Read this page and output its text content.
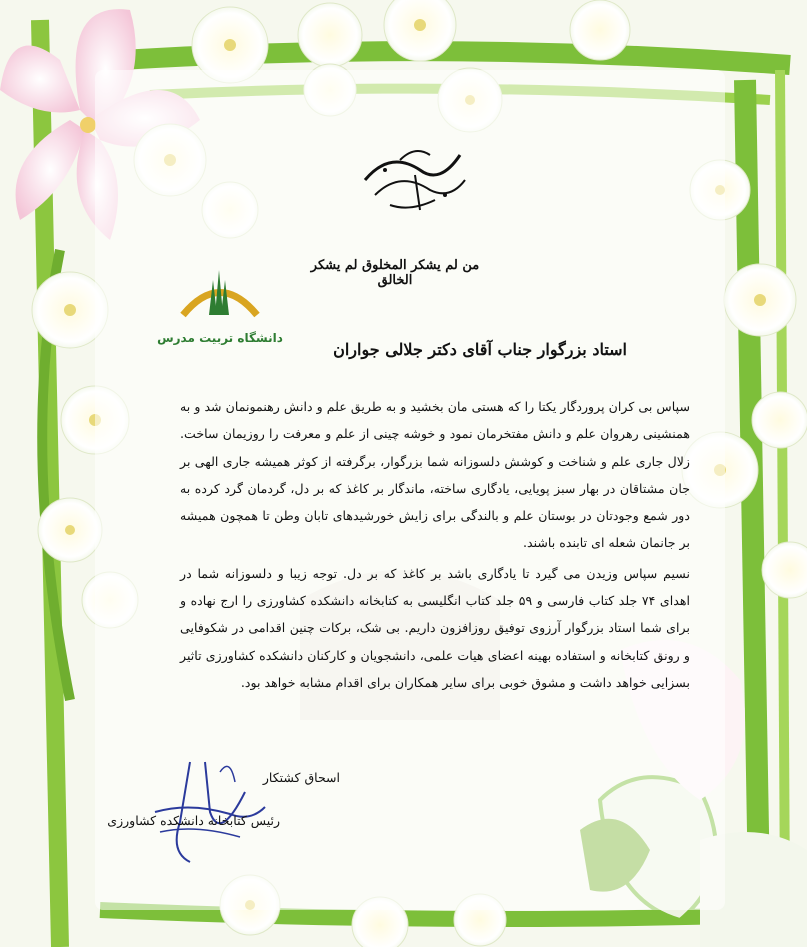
من لم یشکر المخلوق لم یشکر الخالق
دانشگاه تربیت مدرس
استاد بزرگوار جناب آقای دکتر جلالی جواران

سپاس بی کران پروردگار یکتا را که هستی مان بخشید و به طریق علم و دانش رهنمونمان شد و به همنشینی رهروان علم و دانش مفتخرمان نمود و خوشه چینی از علم و معرفت را روزیمان ساخت. زلال جاری علم و شناخت و کوشش دلسوزانه شما بزرگوار، برگرفته از کوثر همیشه جاری الهی بر جان مشتاقان در بهار سبز پویایی، یادگاری ساخته، ماندگار بر کاغذ که بر دل، گردمان گرد کرده به دور شمع وجودتان در بوستان علم و بالندگی برای زایش خورشیدهای تابان وطن تا همچون همیشه بر جانمان شعله ای تابنده باشند.

نسیم سپاس وزیدن می گیرد تا یادگاری باشد بر کاغذ که بر دل. توجه زیبا و دلسوزانه شما در اهدای ۷۴ جلد کتاب فارسی و ۵۹ جلد کتاب انگلیسی به کتابخانه دانشکده کشاورزی را ارج نهاده و برای شما استاد بزرگوار آرزوی توفیق روزافزون داریم. بی شک، برکات چنین اقدامی در شکوفایی و رونق کتابخانه و استفاده بهینه اعضای هیات علمی، دانشجویان و کارکنان دانشکده کشاورزی تاثیر بسزایی خواهد داشت و مشوق خوبی برای سایر همکاران برای اقدام مشابه خواهد بود.

اسحاق کشتکار
رئیس کتابخانه دانشکده کشاورزی
